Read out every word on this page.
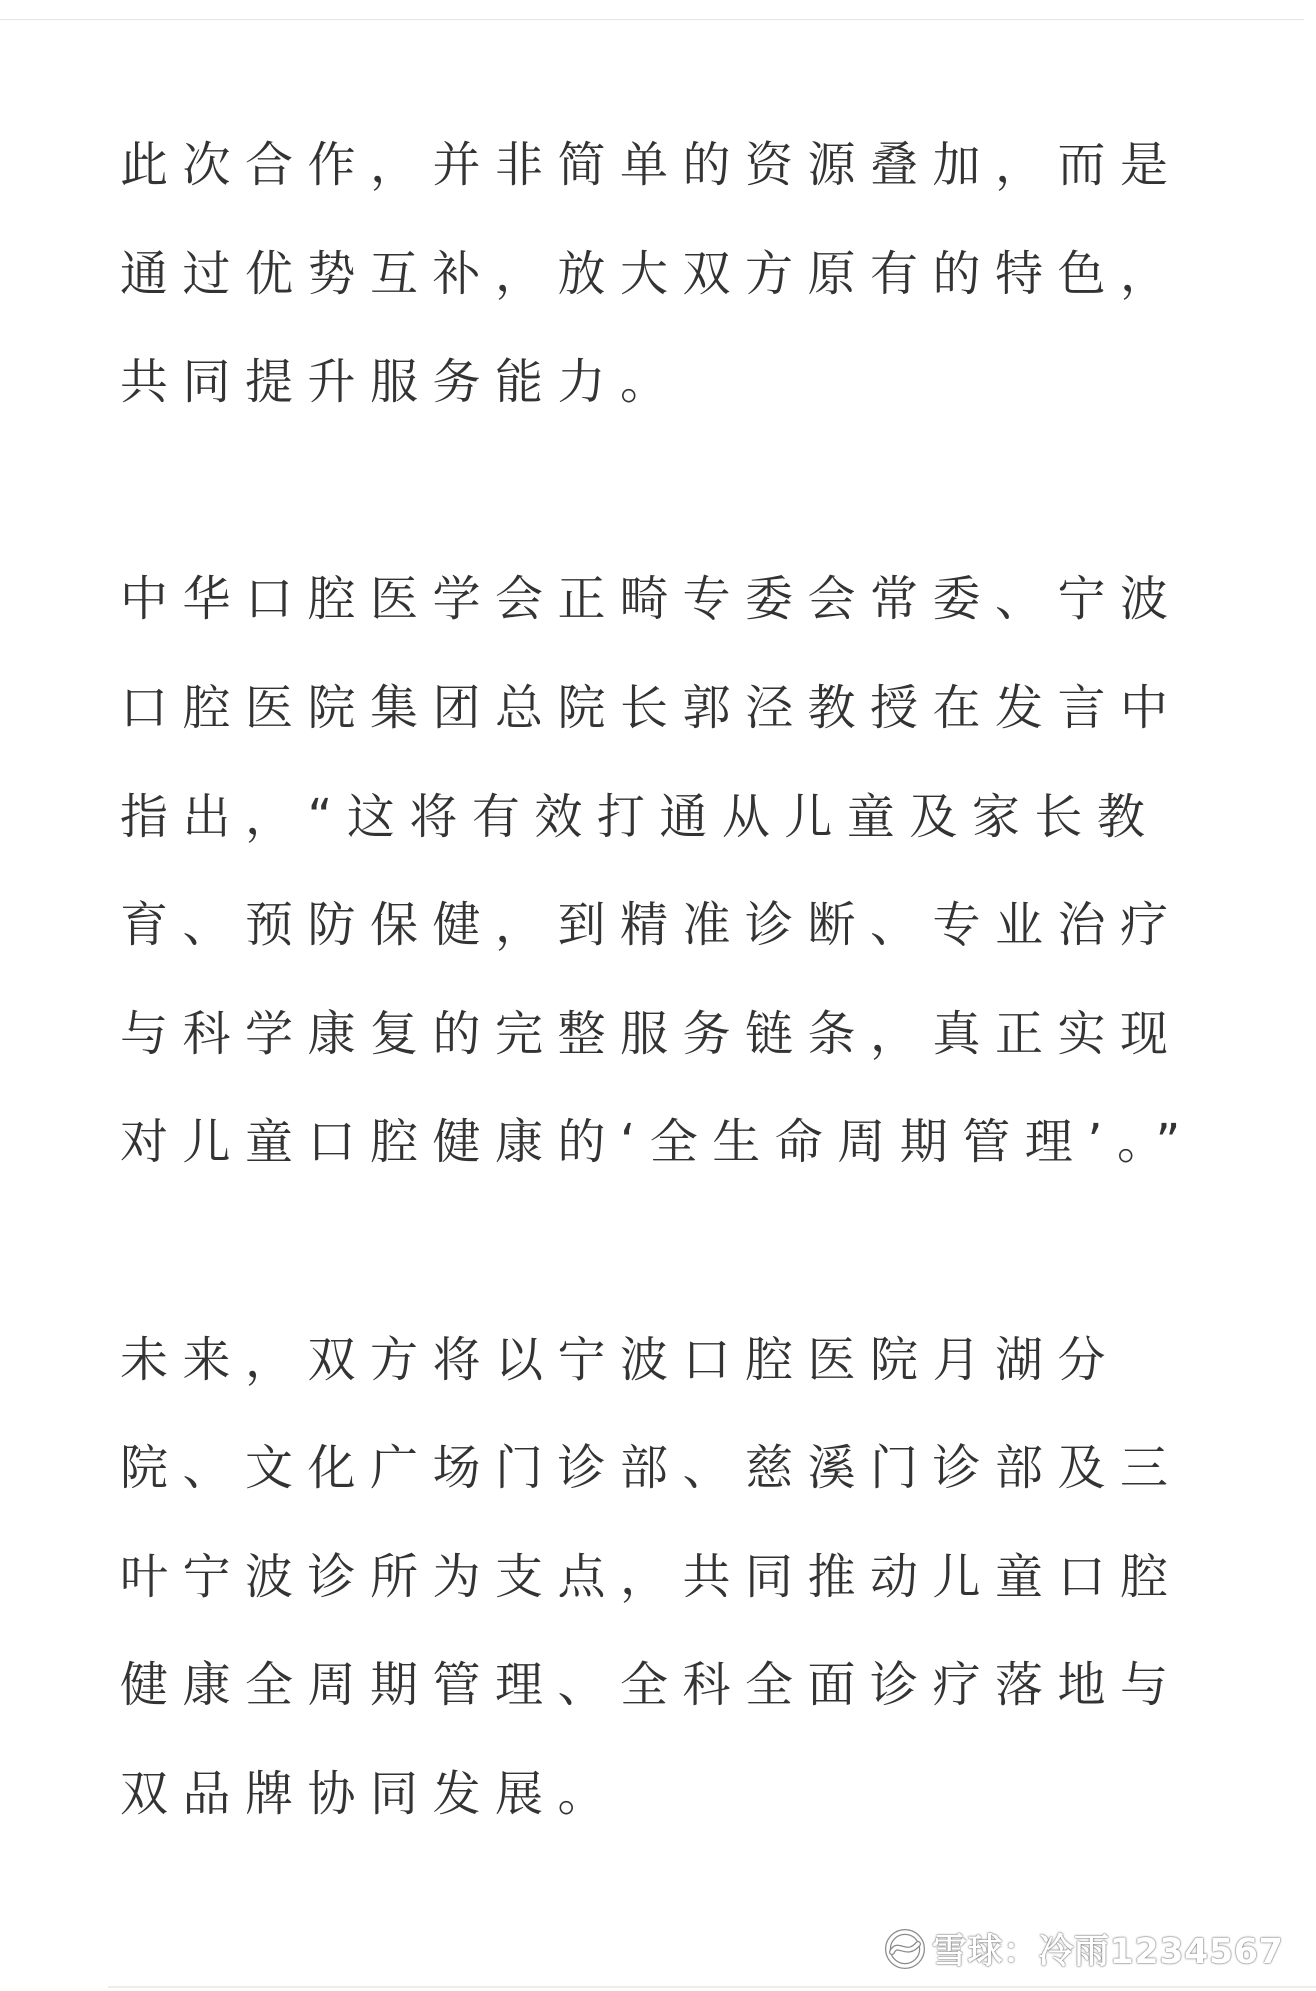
此次合作，并非简单的资源叠加，而是
通过优势互补，放大双方原有的特色，
共同提升服务能力。

中华口腔医学会正畸专委会常委、宁波
口腔医院集团总院长郭泾教授在发言中
指出，“这将有效打通从儿童及家长教
育、预防保健，到精准诊断、专业治疗
与科学康复的完整服务链条，真正实现
对儿童口腔健康的‘全生命周期管理’。”

未来，双方将以宁波口腔医院月湖分
院、文化广场门诊部、慈溪门诊部及三
叶宁波诊所为支点，共同推动儿童口腔
健康全周期管理、全科全面诊疗落地与
双品牌协同发展。

雪球：冷雨1234567
